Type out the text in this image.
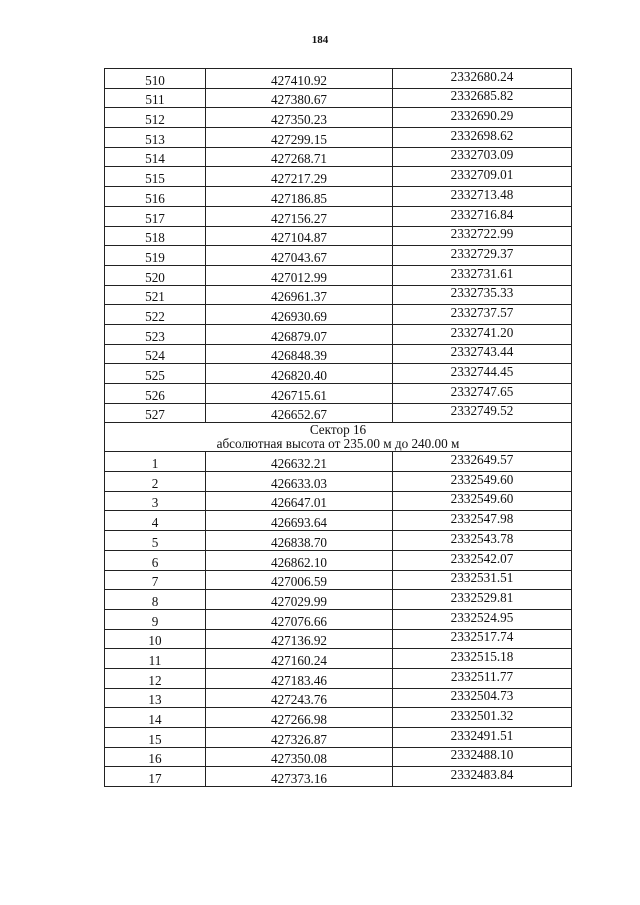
184
510	427410.92	2332680.24
511	427380.67	2332685.82
512	427350.23	2332690.29
513	427299.15	2332698.62
514	427268.71	2332703.09
515	427217.29	2332709.01
516	427186.85	2332713.48
517	427156.27	2332716.84
518	427104.87	2332722.99
519	427043.67	2332729.37
520	427012.99	2332731.61
521	426961.37	2332735.33
522	426930.69	2332737.57
523	426879.07	2332741.20
524	426848.39	2332743.44
525	426820.40	2332744.45
526	426715.61	2332747.65
527	426652.67	2332749.52

Сектор 16
абсолютная высота от 235.00 м до 240.00 м		

1	426632.21	2332649.57
2	426633.03	2332549.60
3	426647.01	2332549.60
4	426693.64	2332547.98
5	426838.70	2332543.78
6	426862.10	2332542.07
7	427006.59	2332531.51
8	427029.99	2332529.81
9	427076.66	2332524.95
10	427136.92	2332517.74
11	427160.24	2332515.18
12	427183.46	2332511.77
13	427243.76	2332504.73
14	427266.98	2332501.32
15	427326.87	2332491.51
16	427350.08	2332488.10
17	427373.16	2332483.84
